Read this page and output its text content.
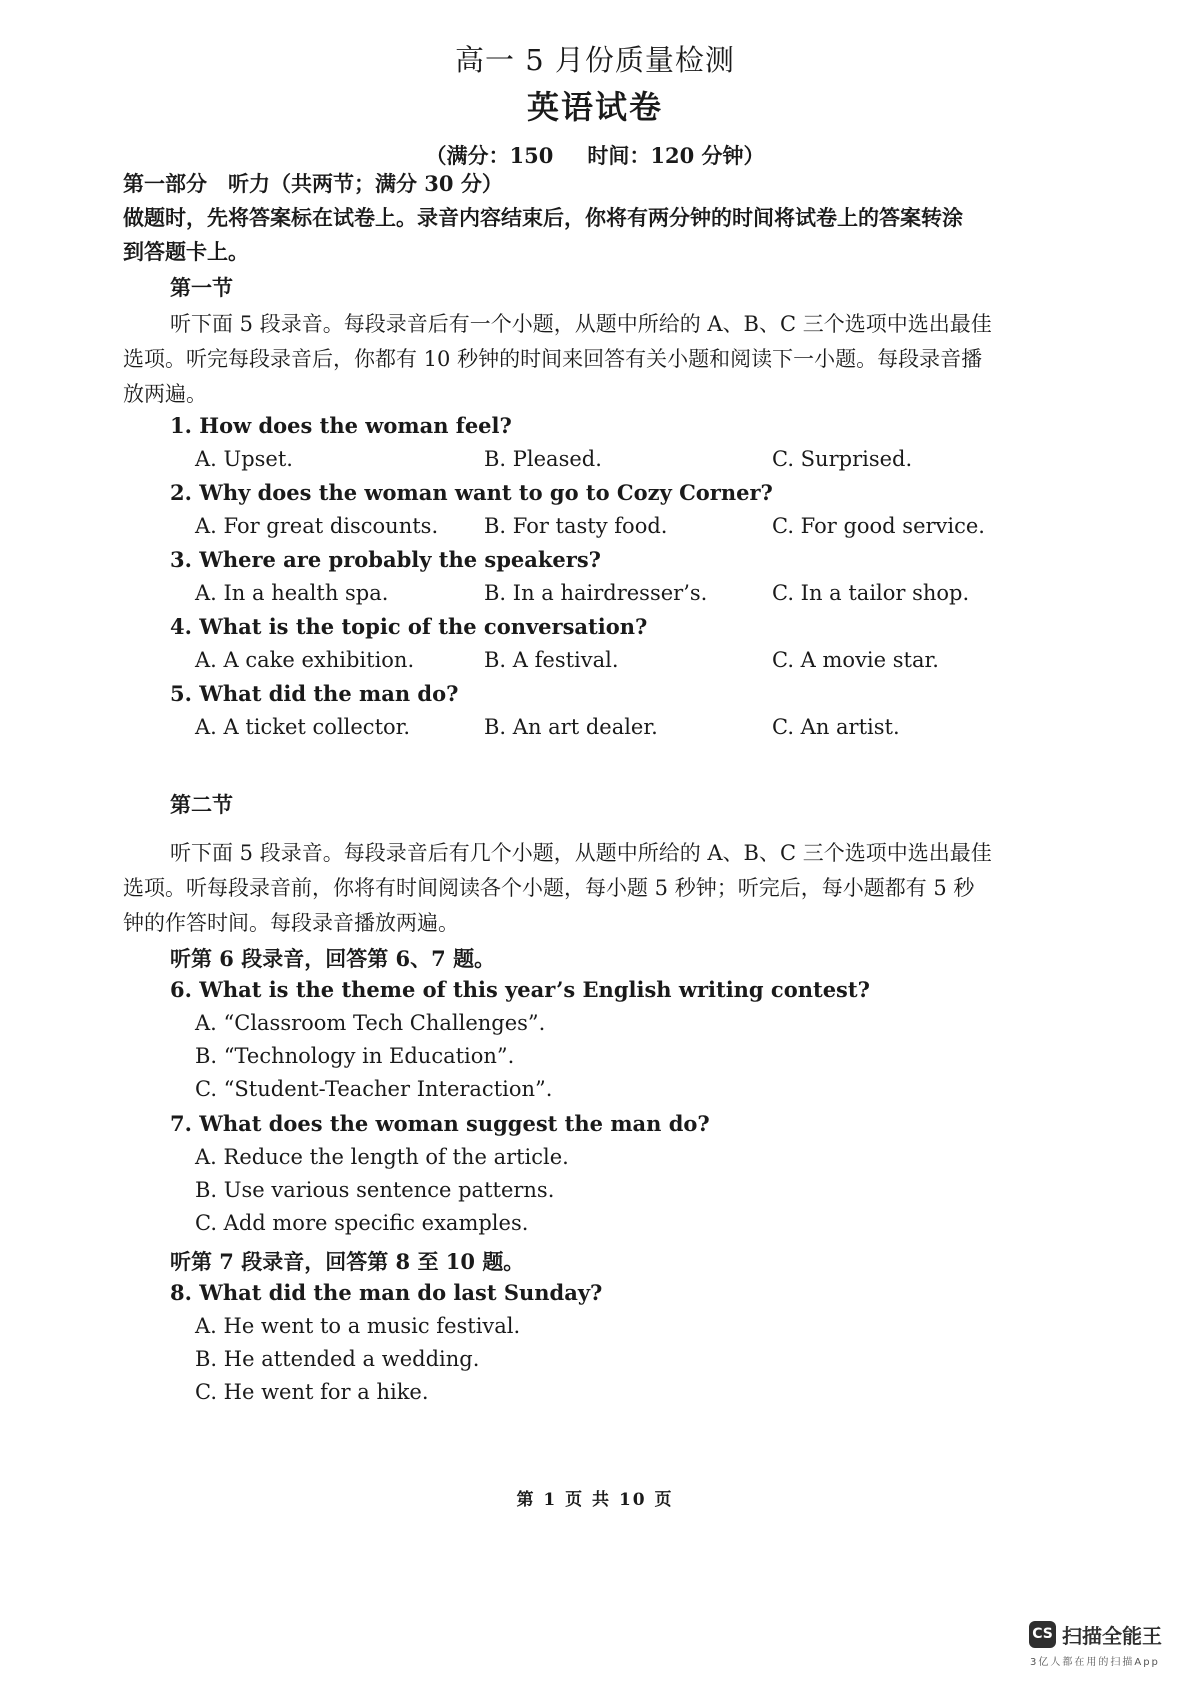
高一 5 月份质量检测
英语试卷
（满分：150 时间：120 分钟）
第一部分　听力（共两节；满分 30 分）
做题时，先将答案标在试卷上。录音内容结束后，你将有两分钟的时间将试卷上的答案转涂
到答题卡上。
第一节
听下面 5 段录音。每段录音后有一个小题，从题中所给的 A、B、C 三个选项中选出最佳
选项。听完每段录音后，你都有 10 秒钟的时间来回答有关小题和阅读下一小题。每段录音播
放两遍。
1. How does the woman feel?
A. Upset.	B. Pleased.	C. Surprised.
2. Why does the woman want to go to Cozy Corner?
A. For great discounts. B. For tasty food.	C. For good service.
3. Where are probably the speakers?
A. In a health spa.	B. In a hairdresser’s.	C. In a tailor shop.
4. What is the topic of the conversation?
A. A cake exhibition.	B. A festival.	C. A movie star.
5. What did the man do?
A. A ticket collector.	B. An art dealer.	C. An artist.
第二节
听下面 5 段录音。每段录音后有几个小题，从题中所给的 A、B、C 三个选项中选出最佳
选项。听每段录音前，你将有时间阅读各个小题，每小题 5 秒钟；听完后，每小题都有 5 秒
钟的作答时间。每段录音播放两遍。
听第 6 段录音，回答第 6、7 题。
6. What is the theme of this year’s English writing contest?
A. “Classroom Tech Challenges”.
B. “Technology in Education”.
C. “Student-Teacher Interaction”.
7. What does the woman suggest the man do?
A. Reduce the length of the article.
B. Use various sentence patterns.
C. Add more specific examples.
听第 7 段录音，回答第 8 至 10 题。
8. What did the man do last Sunday?
A. He went to a music festival.
B. He attended a wedding.
C. He went for a hike.
第 1 页 共 10 页
CS 扫描全能王
3亿人都在用的扫描App
